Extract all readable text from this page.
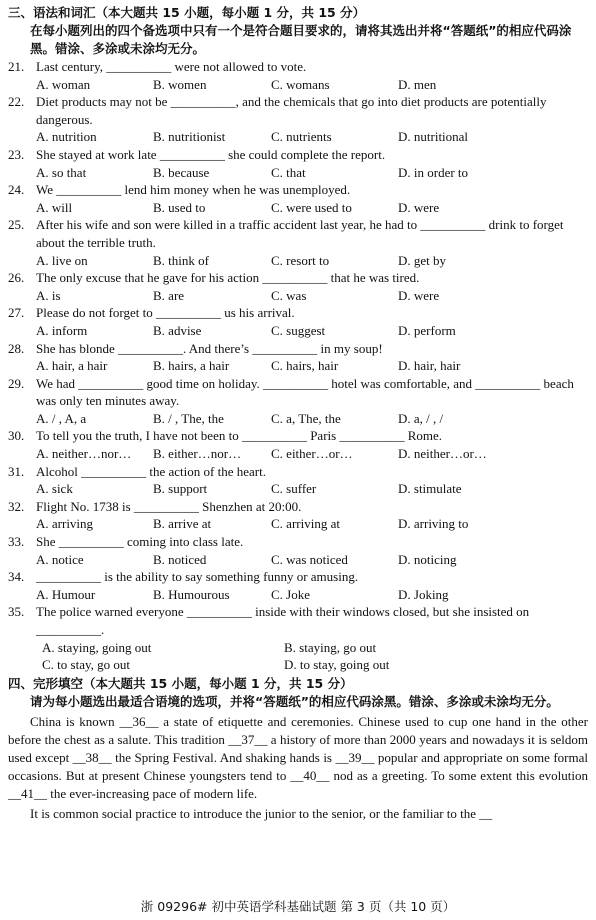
三、语法和词汇（本大题共 15 小题，每小题 1 分，共 15 分）
在每小题列出的四个备选项中只有一个是符合题目要求的，请将其选出并将“答题纸”的相应代码涂黑。错涂、多涂或未涂均无分。
21. Last century, __________ were not allowed to vote.
A. woman	B. women	C. womans	D. men
22. Diet products may not be __________, and the chemicals that go into diet products are potentially dangerous.
A. nutrition	B. nutritionist	C. nutrients	D. nutritional
23. She stayed at work late __________ she could complete the report.
A. so that	B. because	C. that	D. in order to
24. We __________ lend him money when he was unemployed.
A. will	B. used to	C. were used to	D. were
25. After his wife and son were killed in a traffic accident last year, he had to __________ drink to forget about the terrible truth.
A. live on	B. think of	C. resort to	D. get by
26. The only excuse that he gave for his action __________ that he was tired.
A. is	B. are	C. was	D. were
27. Please do not forget to __________ us his arrival.
A. inform	B. advise	C. suggest	D. perform
28. She has blonde __________. And there’s __________ in my soup!
A. hair, a hair	B. hairs, a hair	C. hairs, hair	D. hair, hair
29. We had __________ good time on holiday. __________ hotel was comfortable, and __________ beach was only ten minutes away.
A. / , A, a	B. / , The, the	C. a, The, the	D. a, / , /
30. To tell you the truth, I have not been to __________ Paris __________ Rome.
A. neither…nor…	B. either…nor…	C. either…or…	D. neither…or…
31. Alcohol __________ the action of the heart.
A. sick	B. support	C. suffer	D. stimulate
32. Flight No. 1738 is __________ Shenzhen at 20:00.
A. arriving	B. arrive at	C. arriving at	D. arriving to
33. She __________ coming into class late.
A. notice	B. noticed	C. was noticed	D. noticing
34. __________ is the ability to say something funny or amusing.
A. Humour	B. Humourous	C. Joke	D. Joking
35. The police warned everyone __________ inside with their windows closed, but she insisted on __________.
A. staying, going out	B. staying, go out
C. to stay, go out	D. to stay, going out
四、完形填空（本大题共 15 小题，每小题 1 分，共 15 分）
请为每小题选出最适合语境的选项，并将“答题纸”的相应代码涂黑。错涂、多涂或未涂均无分。
China is known __36__ a state of etiquette and ceremonies. Chinese used to cup one hand in the other before the chest as a salute. This tradition __37__ a history of more than 2000 years and nowadays it is seldom used except __38__ the Spring Festival. And shaking hands is __39__ popular and appropriate on some formal occasions. But at present Chinese youngsters tend to __40__ nod as a greeting. To some extent this evolution __41__ the ever-increasing pace of modern life.
It is common social practice to introduce the junior to the senior, or the familiar to the __
浙 09296# 初中英语学科基础试题 第 3 页（共 10 页）
